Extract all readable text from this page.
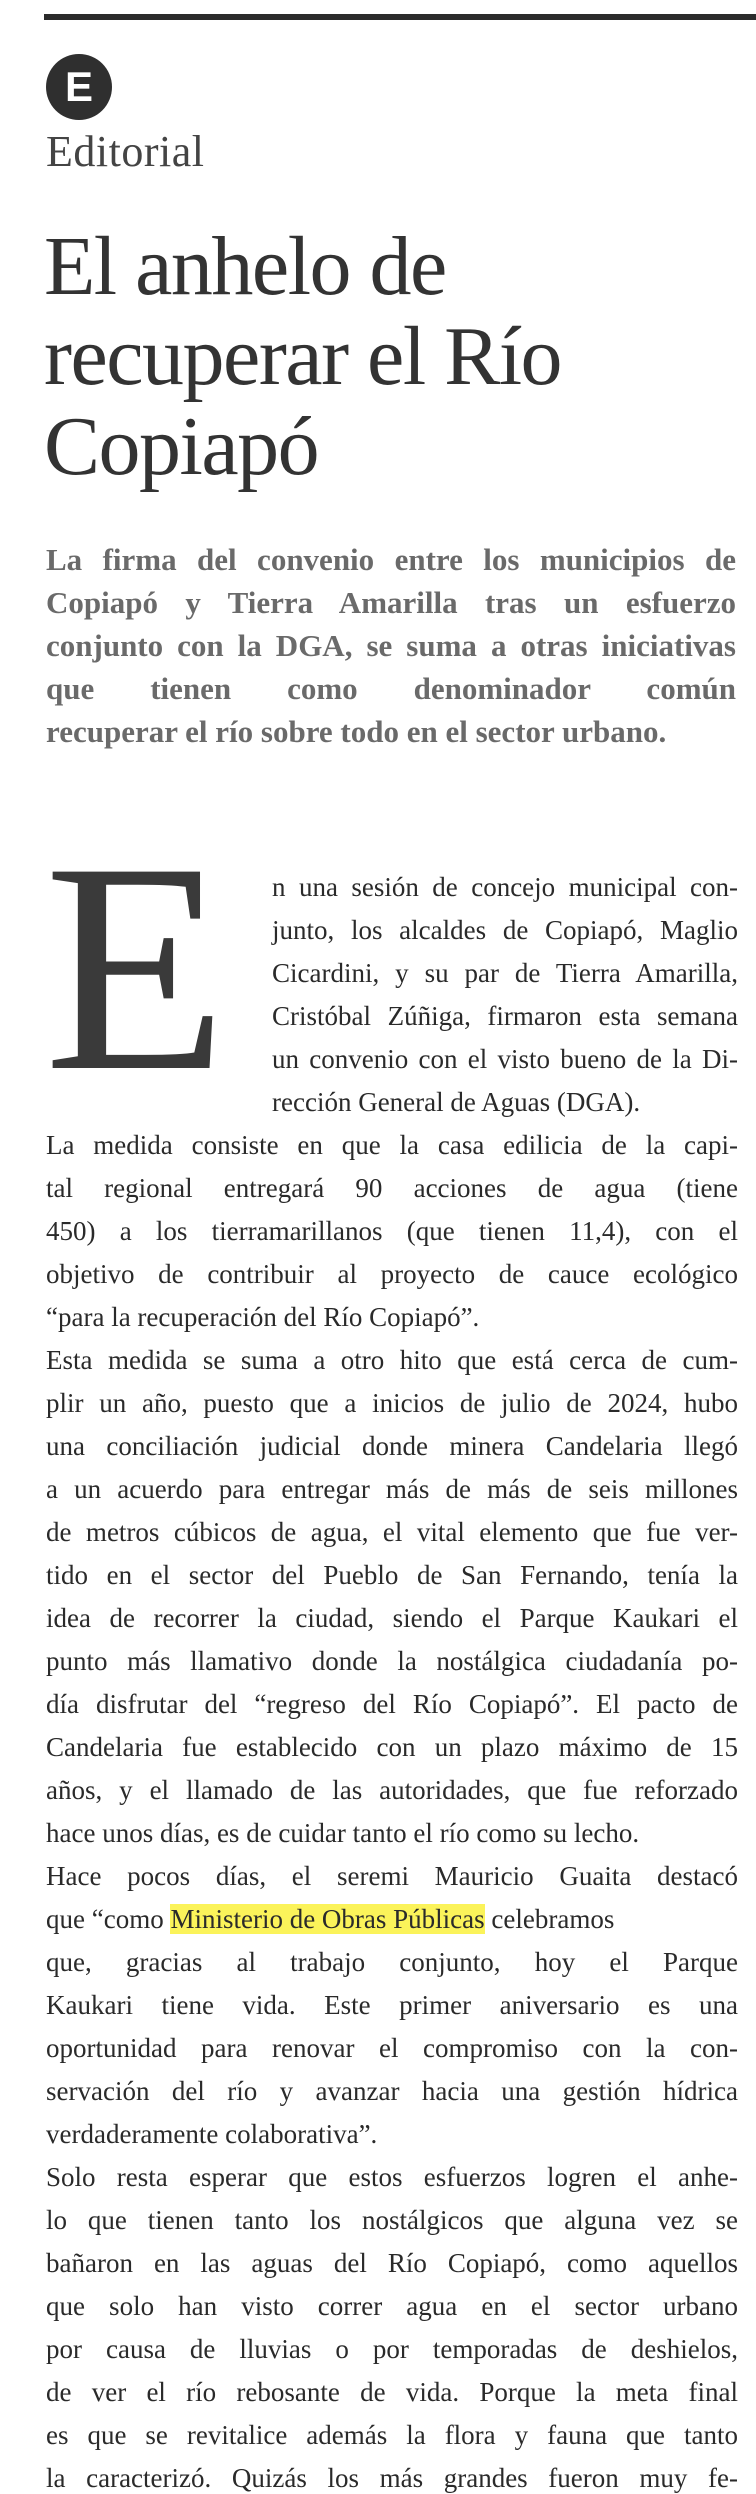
E
Editorial
El anhelo de
recuperar el Río
Copiapó
La firma del convenio entre los municipios de
Copiapó y Tierra Amarilla tras un esfuerzo
conjunto con la DGA, se suma a otras iniciativas
que tienen como denominador común
recuperar el río sobre todo en el sector urbano.
E n una sesión de concejo municipal con-
junto, los alcaldes de Copiapó, Maglio
Cicardini, y su par de Tierra Amarilla,
Cristóbal Zúñiga, firmaron esta semana
un convenio con el visto bueno de la Di-
rección General de Aguas (DGA).
La medida consiste en que la casa edilicia de la capi-
tal regional entregará 90 acciones de agua (tiene
450) a los tierramarillanos (que tienen 11,4), con el
objetivo de contribuir al proyecto de cauce ecológico
“para la recuperación del Río Copiapó”.
Esta medida se suma a otro hito que está cerca de cum-
plir un año, puesto que a inicios de julio de 2024, hubo
una conciliación judicial donde minera Candelaria llegó
a un acuerdo para entregar más de más de seis millones
de metros cúbicos de agua, el vital elemento que fue ver-
tido en el sector del Pueblo de San Fernando, tenía la
idea de recorrer la ciudad, siendo el Parque Kaukari el
punto más llamativo donde la nostálgica ciudadanía po-
día disfrutar del “regreso del Río Copiapó”. El pacto de
Candelaria fue establecido con un plazo máximo de 15
años, y el llamado de las autoridades, que fue reforzado
hace unos días, es de cuidar tanto el río como su lecho.
Hace pocos días, el seremi Mauricio Guaita destacó
que “como Ministerio de Obras Públicas celebramos
que, gracias al trabajo conjunto, hoy el Parque
Kaukari tiene vida. Este primer aniversario es una
oportunidad para renovar el compromiso con la con-
servación del río y avanzar hacia una gestión hídrica
verdaderamente colaborativa”.
Solo resta esperar que estos esfuerzos logren el anhe-
lo que tienen tanto los nostálgicos que alguna vez se
bañaron en las aguas del Río Copiapó, como aquellos
que solo han visto correr agua en el sector urbano
por causa de lluvias o por temporadas de deshielos,
de ver el río rebosante de vida. Porque la meta final
es que se revitalice además la flora y fauna que tanto
la caracterizó. Quizás los más grandes fueron muy fe-
